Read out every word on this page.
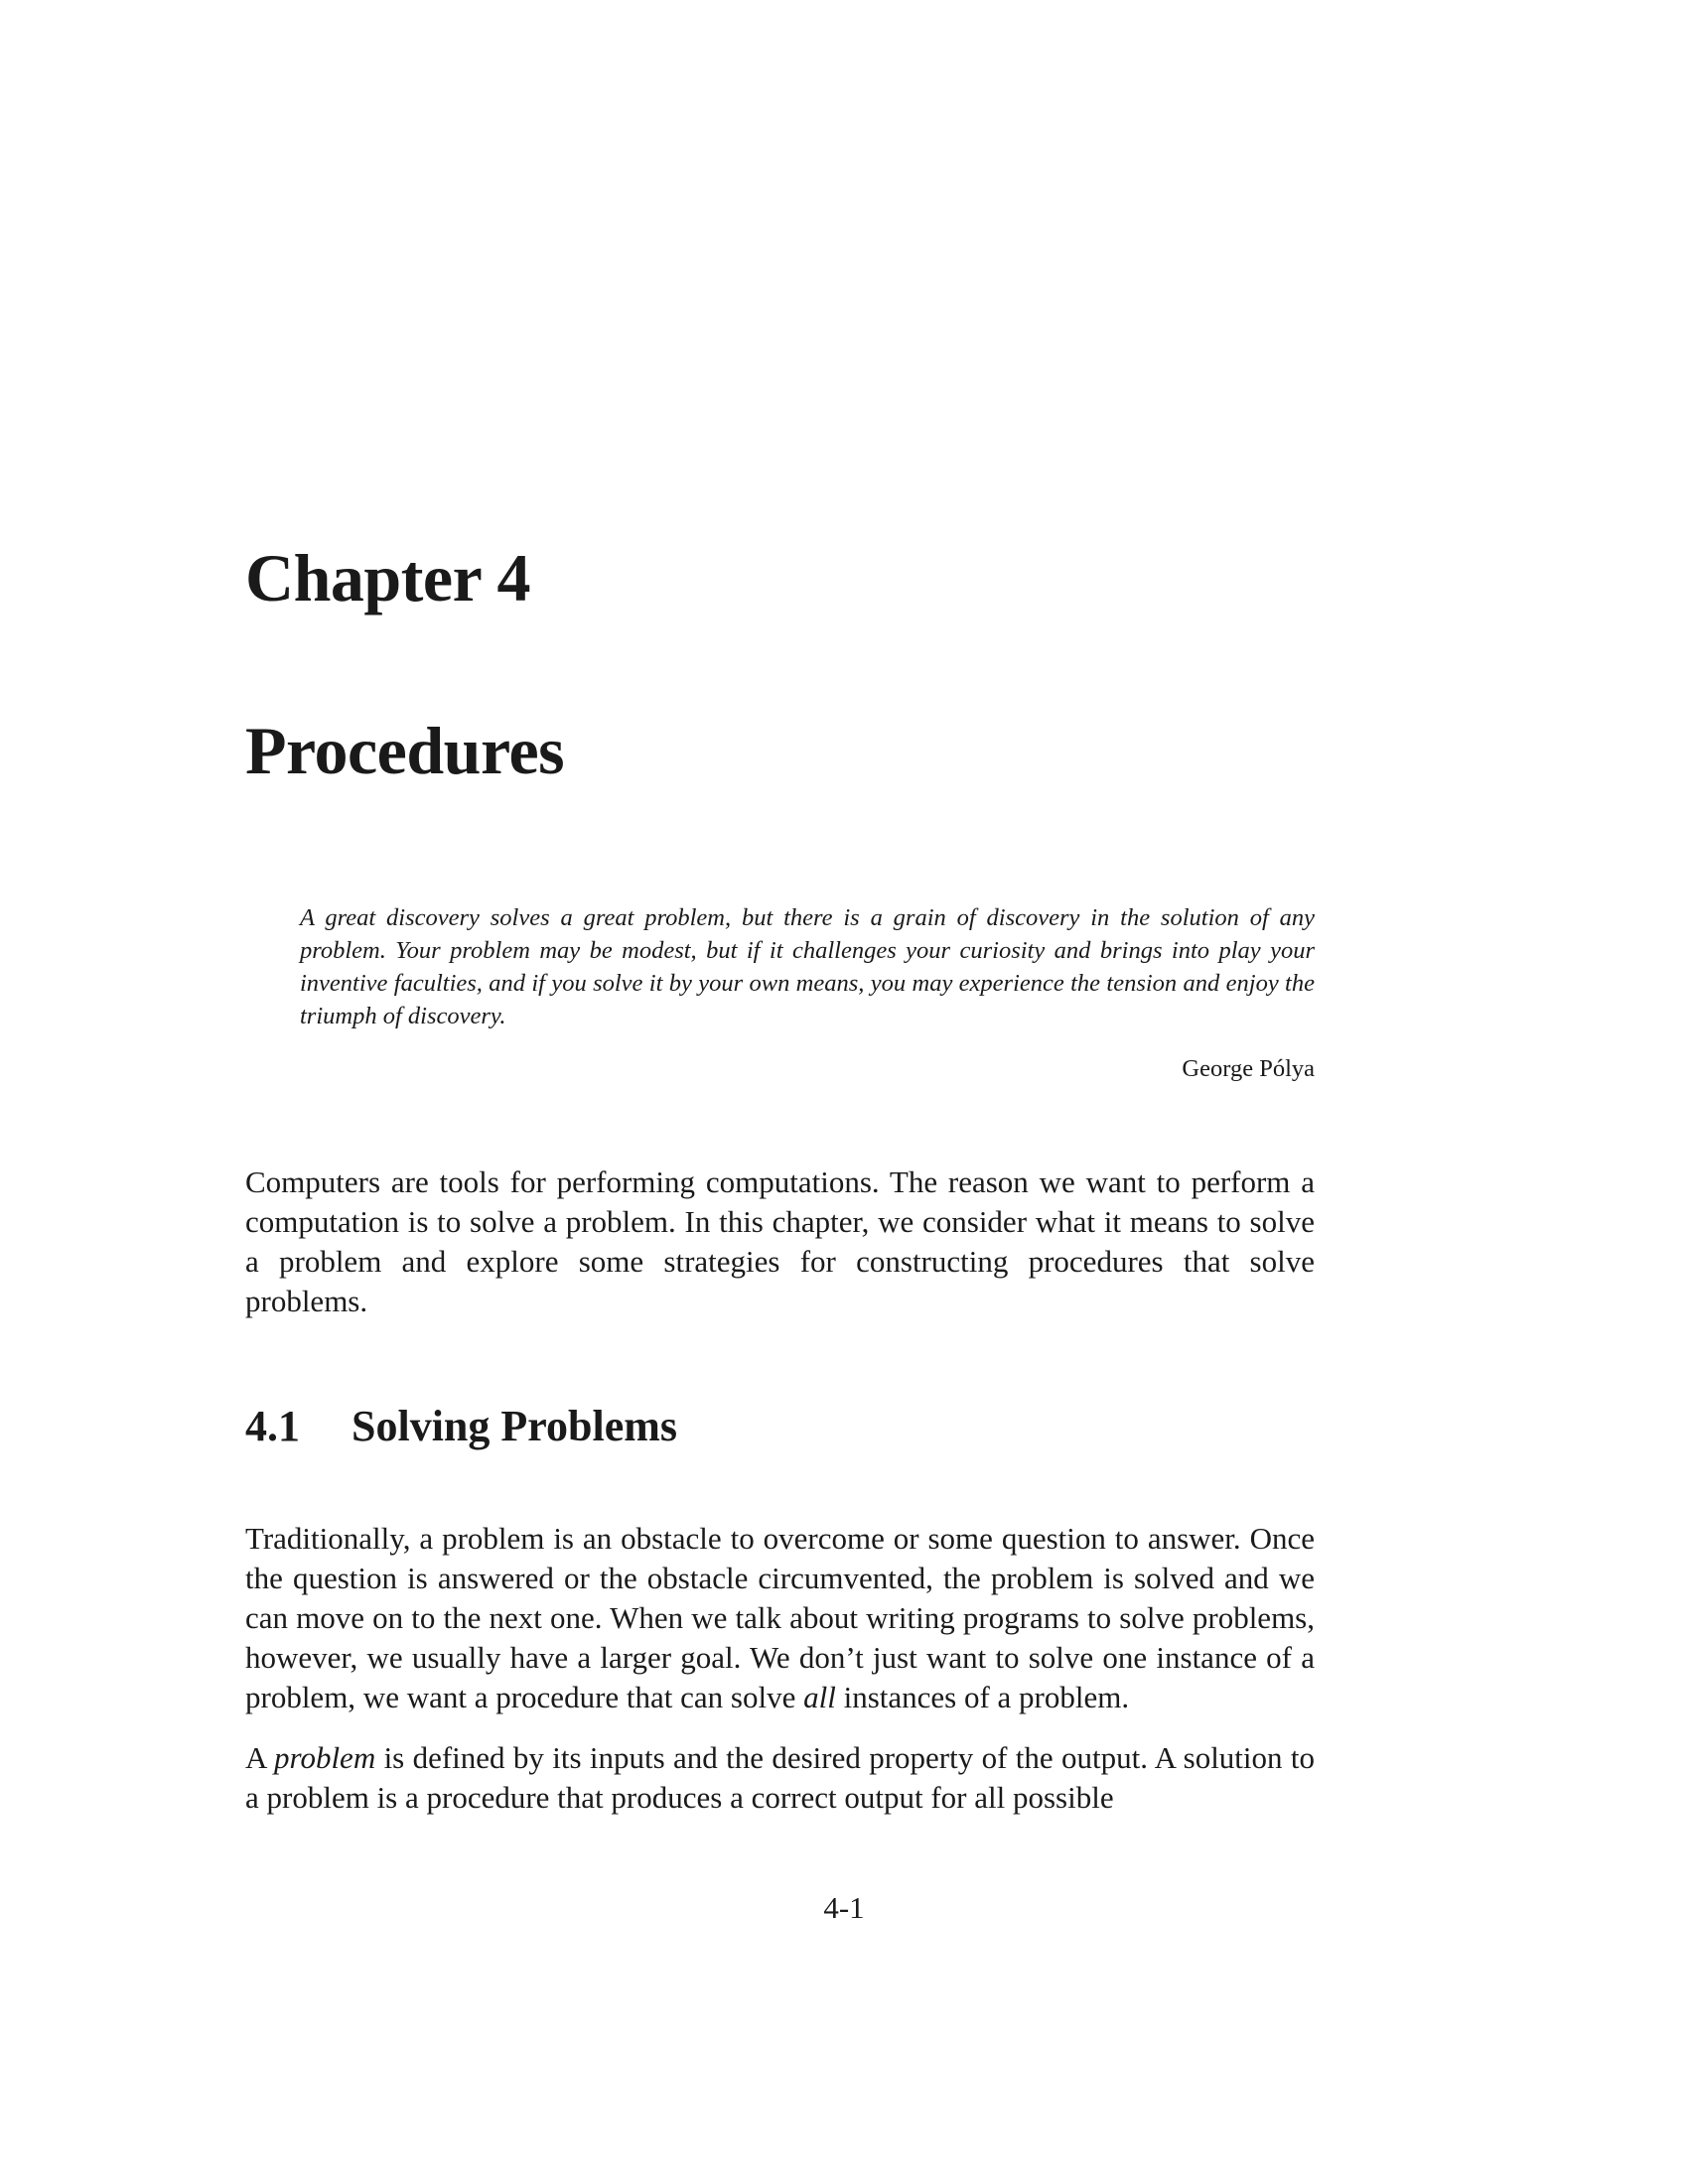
Chapter 4
Procedures

A great discovery solves a great problem, but there is a grain of discovery in the solution of any problem. Your problem may be modest, but if it challenges your curiosity and brings into play your inventive faculties, and if you solve it by your own means, you may experience the tension and enjoy the triumph of discovery.

George Pólya

Computers are tools for performing computations. The reason we want to perform a computation is to solve a problem. In this chapter, we consider what it means to solve a problem and explore some strategies for constructing procedures that solve problems.

4.1 Solving Problems

Traditionally, a problem is an obstacle to overcome or some question to answer. Once the question is answered or the obstacle circumvented, the problem is solved and we can move on to the next one. When we talk about writing programs to solve problems, however, we usually have a larger goal. We don’t just want to solve one instance of a problem, we want a procedure that can solve all instances of a problem.

A problem is defined by its inputs and the desired property of the output. A solution to a problem is a procedure that produces a correct output for all possible

4-1
